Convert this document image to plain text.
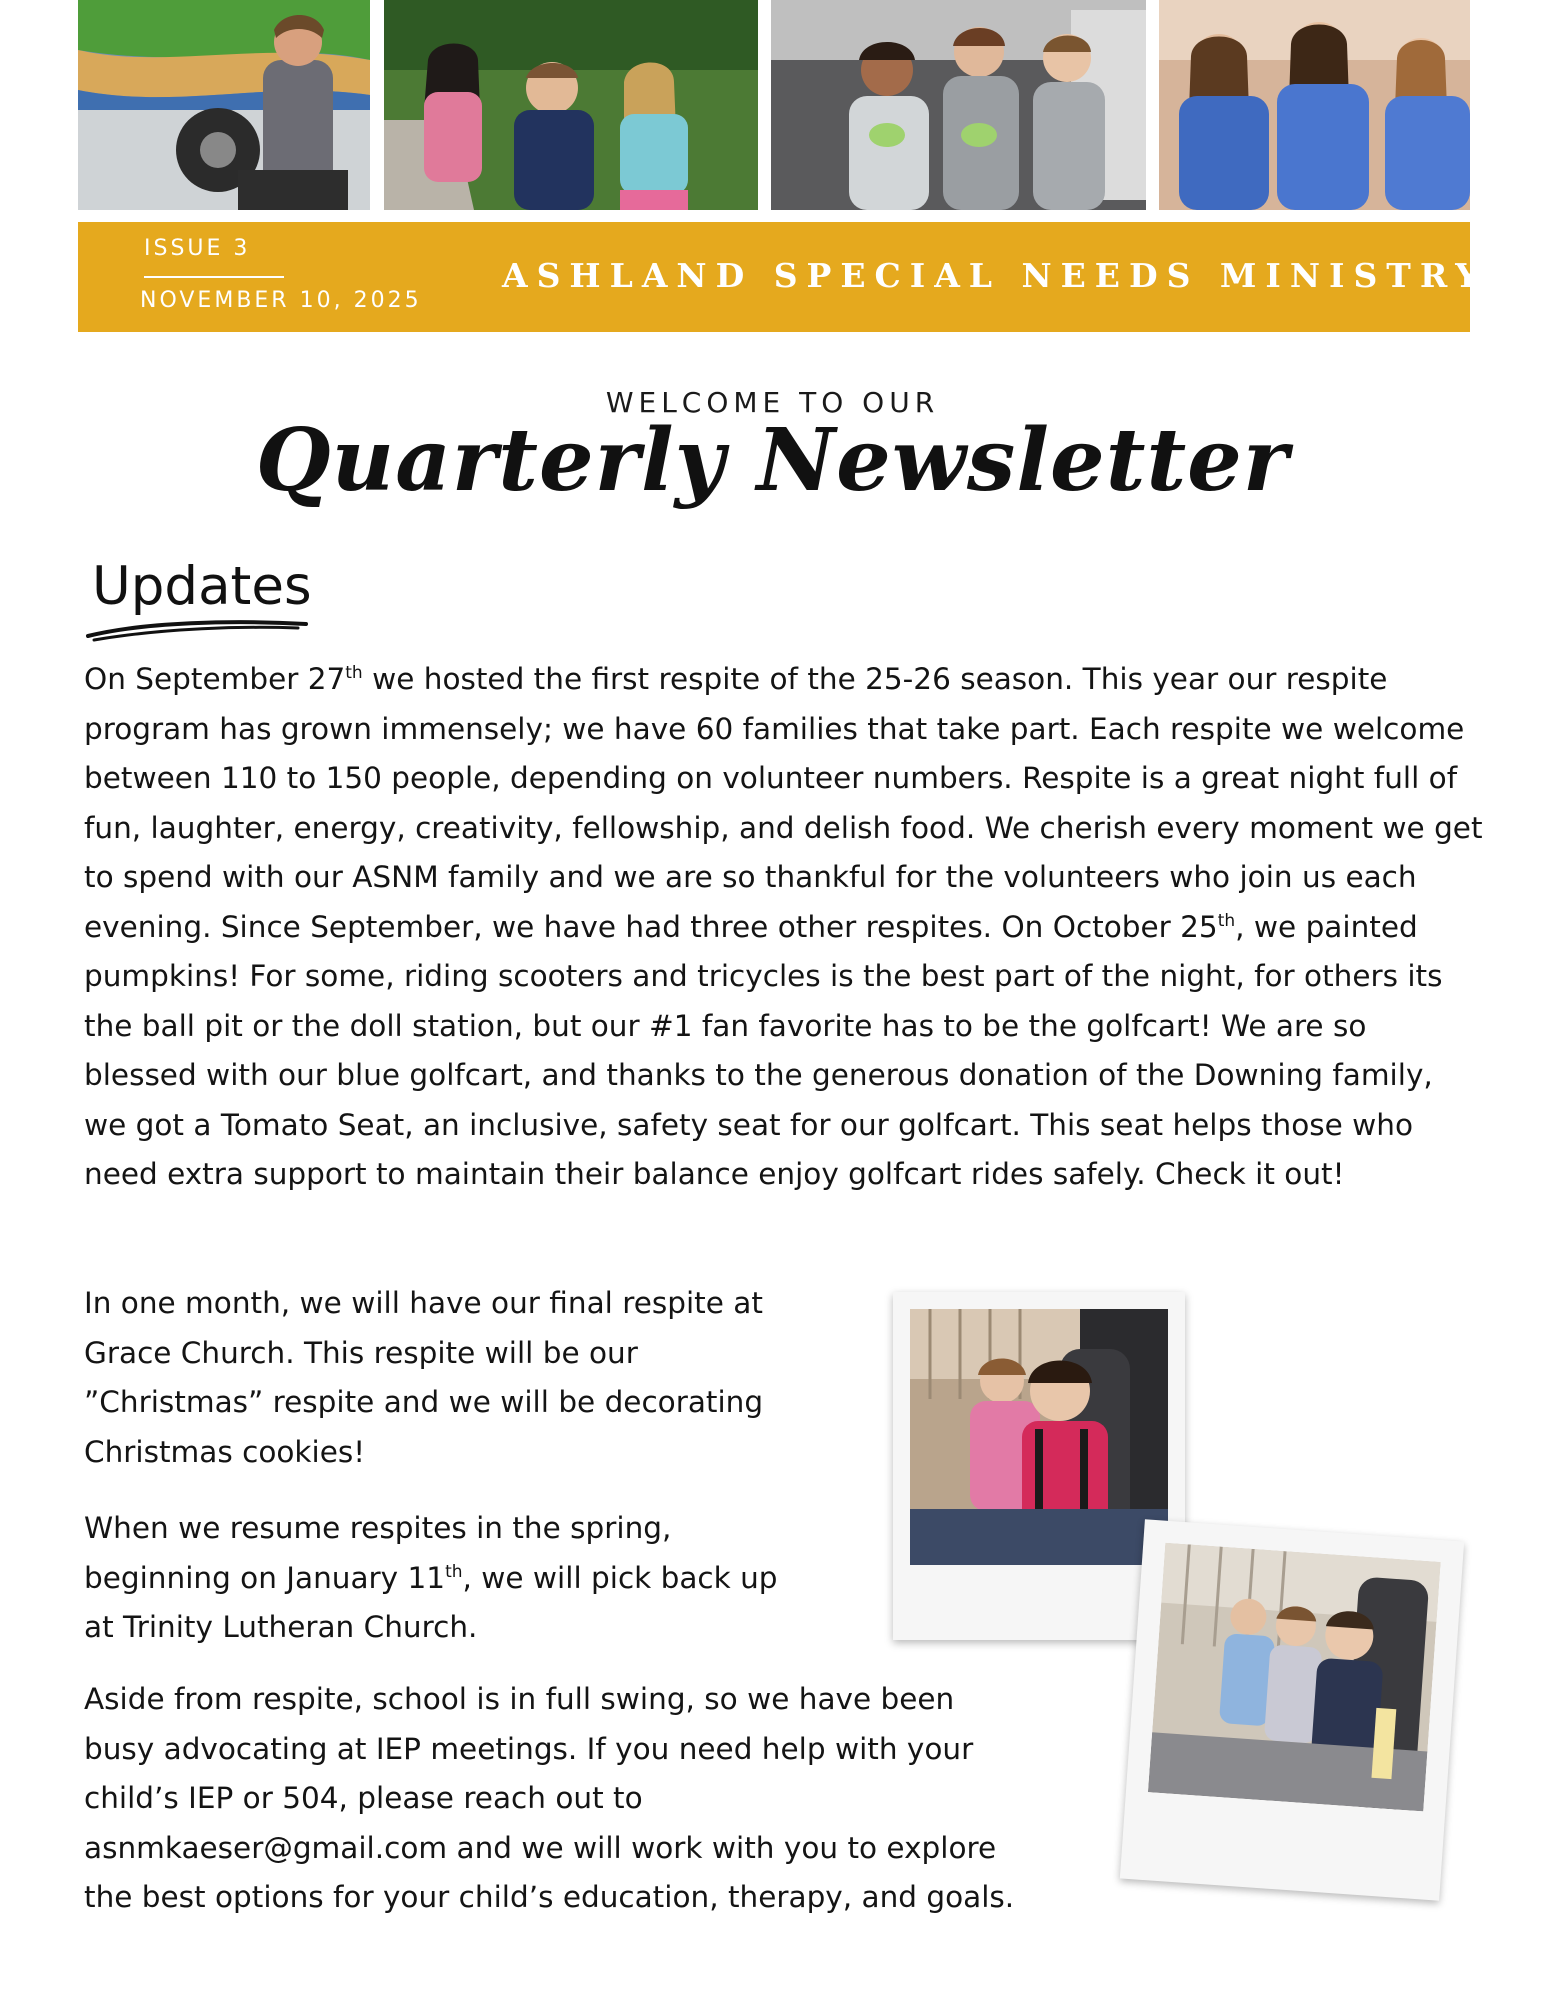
ISSUE 3
NOVEMBER 10, 2025
ASHLAND SPECIAL NEEDS MINISTRY
WELCOME TO OUR
Quarterly Newsletter
Updates

On September 27th we hosted the first respite of the 25-26 season. This year our respite program has grown immensely; we have 60 families that take part. Each respite we welcome between 110 to 150 people, depending on volunteer numbers. Respite is a great night full of fun, laughter, energy, creativity, fellowship, and delish food. We cherish every moment we get to spend with our ASNM family and we are so thankful for the volunteers who join us each evening. Since September, we have had three other respites. On October 25th, we painted pumpkins! For some, riding scooters and tricycles is the best part of the night, for others its the ball pit or the doll station, but our #1 fan favorite has to be the golfcart! We are so blessed with our blue golfcart, and thanks to the generous donation of the Downing family, we got a Tomato Seat, an inclusive, safety seat for our golfcart. This seat helps those who need extra support to maintain their balance enjoy golfcart rides safely. Check it out!

In one month, we will have our final respite at
Grace Church. This respite will be our
”Christmas” respite and we will be decorating
Christmas cookies!

When we resume respites in the spring,
beginning on January 11th, we will pick back up
at Trinity Lutheran Church.

Aside from respite, school is in full swing, so we have been
busy advocating at IEP meetings. If you need help with your
child’s IEP or 504, please reach out to
asnmkaeser@gmail.com and we will work with you to explore
the best options for your child’s education, therapy, and goals.
